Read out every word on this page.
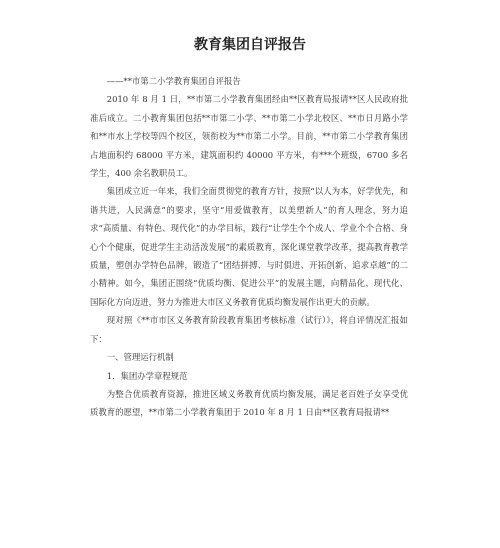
教育集团自评报告

——**市第二小学教育集团自评报告

2010 年 8 月 1 日，**市第二小学教育集团经由**区教育局报请**区人民政府批准后成立。二小教育集团包括**市第二小学、**市第二小学北校区、**市日月路小学和**市水上学校等四个校区，领衔校为**市第二小学。目前，**市第二小学教育集团占地面积约 68000 平方米，建筑面积约 40000 平方米，有***个班级，6700 多名学生，400 余名教职员工。

集团成立近一年来，我们全面贯彻党的教育方针，按照“以人为本，好学优先，和谐共进，人民满意”的要求，坚守“用爱做教育，以美塑新人”的育人理念，努力追求“高质量、有特色、现代化”的办学目标，践行“让学生个个成人、学业个个合格、身心个个健康，促进学生主动活泼发展”的素质教育，深化课堂教学改革，提高教育教学质量，塑创办学特色品牌，锻造了“团结拼搏、与时俱进、开拓创新、追求卓越”的二小精神。如今，集团正围绕“优质均衡、促进公平”的发展主题，向精品化、现代化、国际化方向迈进，努力为推进大市区义务教育优质均衡发展作出更大的贡献。

现对照《**市市区义务教育阶段教育集团考核标准（试行）》，将自评情况汇报如下：

一、管理运行机制

1．集团办学章程规范

为整合优质教育资源，推进区域义务教育优质均衡发展，满足老百姓子女享受优质教育的愿望，**市第二小学教育集团于 2010 年 8 月 1 日由**区教育局报请**
